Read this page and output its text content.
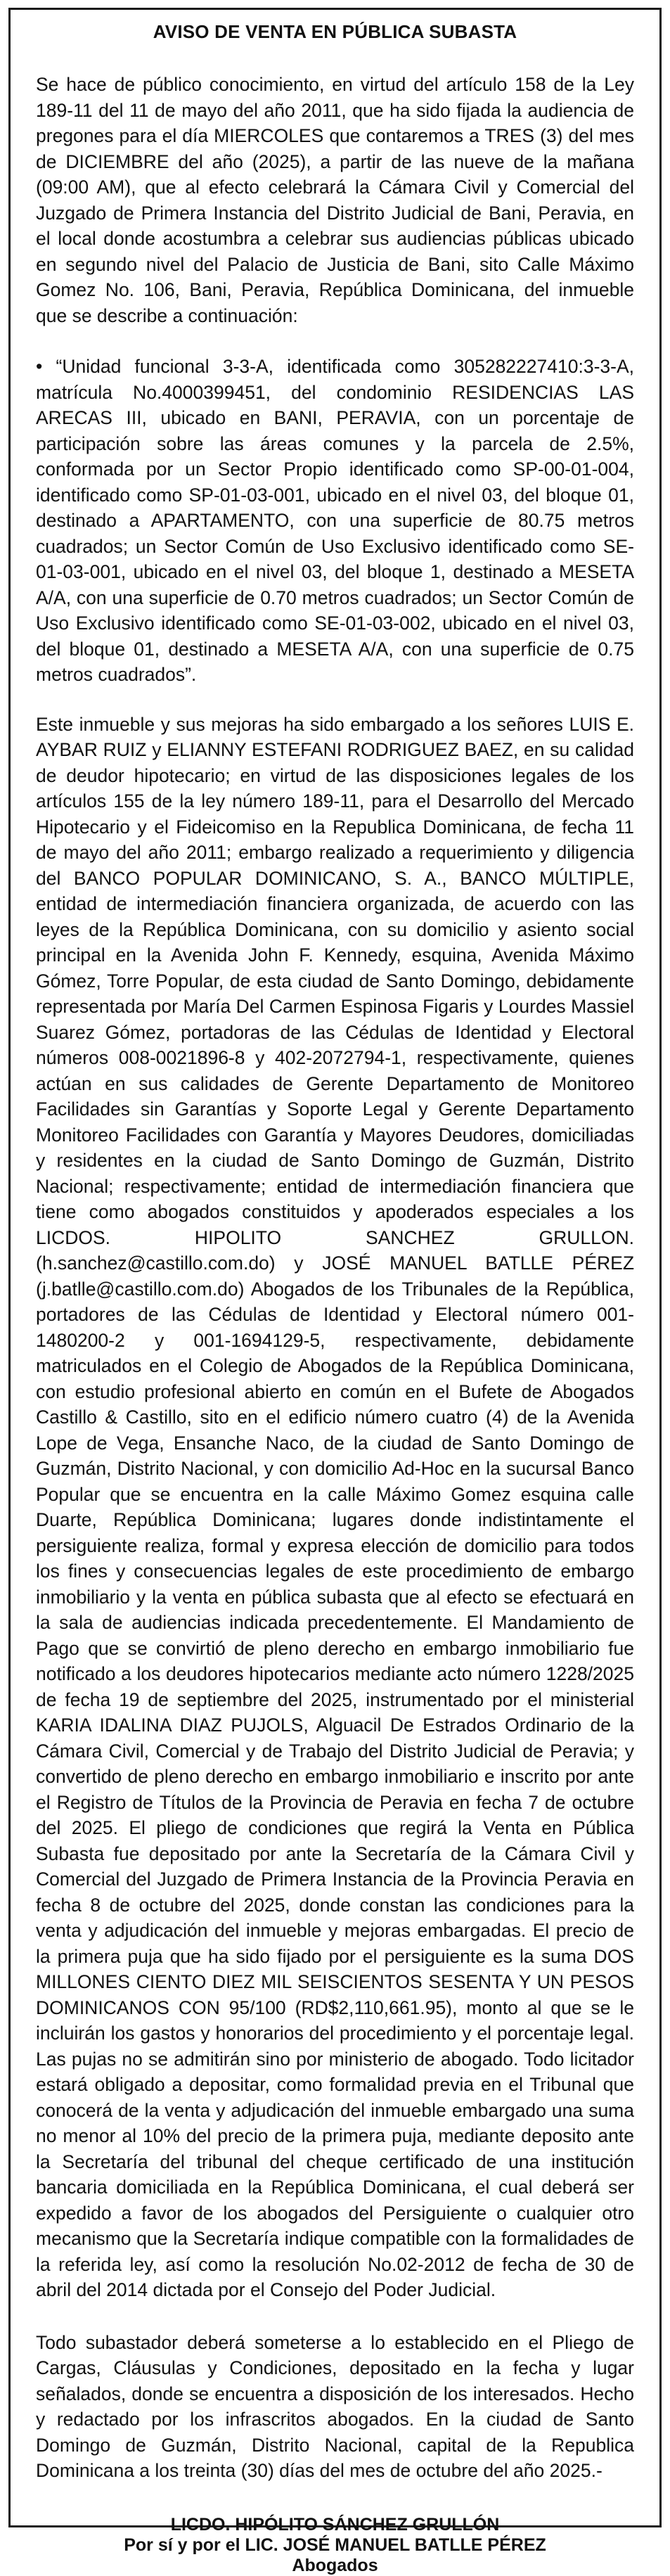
AVISO DE VENTA EN PÚBLICA SUBASTA

Se hace de público conocimiento, en virtud del artículo 158 de la Ley 189-11 del 11 de mayo del año 2011, que ha sido fijada la audiencia de pregones para el día MIERCOLES que contaremos a TRES (3) del mes de DICIEMBRE del año (2025), a partir de las nueve de la mañana (09:00 AM), que al efecto celebrará la Cámara Civil y Comercial del Juzgado de Primera Instancia del Distrito Judicial de Bani, Peravia, en el local donde acostumbra a celebrar sus audiencias públicas ubicado en segundo nivel del Palacio de Justicia de Bani, sito Calle Máximo Gomez No. 106, Bani, Peravia, República Dominicana, del inmueble que se describe a continuación:

• “Unidad funcional 3-3-A, identificada como 305282227410:3-3-A, matrícula No.4000399451, del condominio RESIDENCIAS LAS ARECAS III, ubicado en BANI, PERAVIA, con un porcentaje de participación sobre las áreas comunes y la parcela de 2.5%, conformada por un Sector Propio identificado como SP-00-01-004, identificado como SP-01-03-001, ubicado en el nivel 03, del bloque 01, destinado a APARTAMENTO, con una superficie de 80.75 metros cuadrados; un Sector Común de Uso Exclusivo identificado como SE-01-03-001, ubicado en el nivel 03, del bloque 1, destinado a MESETA A/A, con una superficie de 0.70 metros cuadrados; un Sector Común de Uso Exclusivo identificado como SE-01-03-002, ubicado en el nivel 03, del bloque 01, destinado a MESETA A/A, con una superficie de 0.75 metros cuadrados”.

Este inmueble y sus mejoras ha sido embargado a los señores LUIS E. AYBAR RUIZ y ELIANNY ESTEFANI RODRIGUEZ BAEZ, en su calidad de deudor hipotecario; en virtud de las disposiciones legales de los artículos 155 de la ley número 189-11, para el Desarrollo del Mercado Hipotecario y el Fideicomiso en la Republica Dominicana, de fecha 11 de mayo del año 2011; embargo realizado a requerimiento y diligencia del BANCO POPULAR DOMINICANO, S. A., BANCO MÚLTIPLE, entidad de intermediación financiera organizada, de acuerdo con las leyes de la República Dominicana, con su domicilio y asiento social principal en la Avenida John F. Kennedy, esquina, Avenida Máximo Gómez, Torre Popular, de esta ciudad de Santo Domingo, debidamente representada por María Del Carmen Espinosa Figaris y Lourdes Massiel Suarez Gómez, portadoras de las Cédulas de Identidad y Electoral números 008-0021896-8 y 402-2072794-1, respectivamente, quienes actúan en sus calidades de Gerente Departamento de Monitoreo Facilidades sin Garantías y Soporte Legal y Gerente Departamento Monitoreo Facilidades con Garantía y Mayores Deudores, domiciliadas y residentes en la ciudad de Santo Domingo de Guzmán, Distrito Nacional; respectivamente; entidad de intermediación financiera que tiene como abogados constituidos y apoderados especiales a los LICDOS. HIPOLITO SANCHEZ GRULLON. (h.sanchez@castillo.com.do) y JOSÉ MANUEL BATLLE PÉREZ (j.batlle@castillo.com.do) Abogados de los Tribunales de la República, portadores de las Cédulas de Identidad y Electoral número 001-1480200-2 y 001-1694129-5, respectivamente, debidamente matriculados en el Colegio de Abogados de la República Dominicana, con estudio profesional abierto en común en el Bufete de Abogados Castillo & Castillo, sito en el edificio número cuatro (4) de la Avenida Lope de Vega, Ensanche Naco, de la ciudad de Santo Domingo de Guzmán, Distrito Nacional, y con domicilio Ad-Hoc en la sucursal Banco Popular que se encuentra en la calle Máximo Gomez esquina calle Duarte, República Dominicana; lugares donde indistintamente el persiguiente realiza, formal y expresa elección de domicilio para todos los fines y consecuencias legales de este procedimiento de embargo inmobiliario y la venta en pública subasta que al efecto se efectuará en la sala de audiencias indicada precedentemente. El Mandamiento de Pago que se convirtió de pleno derecho en embargo inmobiliario fue notificado a los deudores hipotecarios mediante acto número 1228/2025 de fecha 19 de septiembre del 2025, instrumentado por el ministerial KARIA IDALINA DIAZ PUJOLS, Alguacil De Estrados Ordinario de la Cámara Civil, Comercial y de Trabajo del Distrito Judicial de Peravia; y convertido de pleno derecho en embargo inmobiliario e inscrito por ante el Registro de Títulos de la Provincia de Peravia en fecha 7 de octubre del 2025. El pliego de condiciones que regirá la Venta en Pública Subasta fue depositado por ante la Secretaría de la Cámara Civil y Comercial del Juzgado de Primera Instancia de la Provincia Peravia en fecha 8 de octubre del 2025, donde constan las condiciones para la venta y adjudicación del inmueble y mejoras embargadas. El precio de la primera puja que ha sido fijado por el persiguiente es la suma DOS MILLONES CIENTO DIEZ MIL SEISCIENTOS SESENTA Y UN PESOS DOMINICANOS CON 95/100 (RD$2,110,661.95), monto al que se le incluirán los gastos y honorarios del procedimiento y el porcentaje legal. Las pujas no se admitirán sino por ministerio de abogado. Todo licitador estará obligado a depositar, como formalidad previa en el Tribunal que conocerá de la venta y adjudicación del inmueble embargado una suma no menor al 10% del precio de la primera puja, mediante deposito ante la Secretaría del tribunal del cheque certificado de una institución bancaria domiciliada en la República Dominicana, el cual deberá ser expedido a favor de los abogados del Persiguiente o cualquier otro mecanismo que la Secretaría indique compatible con la formalidades de la referida ley, así como la resolución No.02-2012 de fecha de 30 de abril del 2014 dictada por el Consejo del Poder Judicial.

Todo subastador deberá someterse a lo establecido en el Pliego de Cargas, Cláusulas y Condiciones, depositado en la fecha y lugar señalados, donde se encuentra a disposición de los interesados. Hecho y redactado por los infrascritos abogados. En la ciudad de Santo Domingo de Guzmán, Distrito Nacional, capital de la Republica Dominicana a los treinta (30) días del mes de octubre del año 2025.-

LICDO. HIPÓLITO SÁNCHEZ GRULLÓN
Por sí y por el LIC. JOSÉ MANUEL BATLLE PÉREZ
Abogados
